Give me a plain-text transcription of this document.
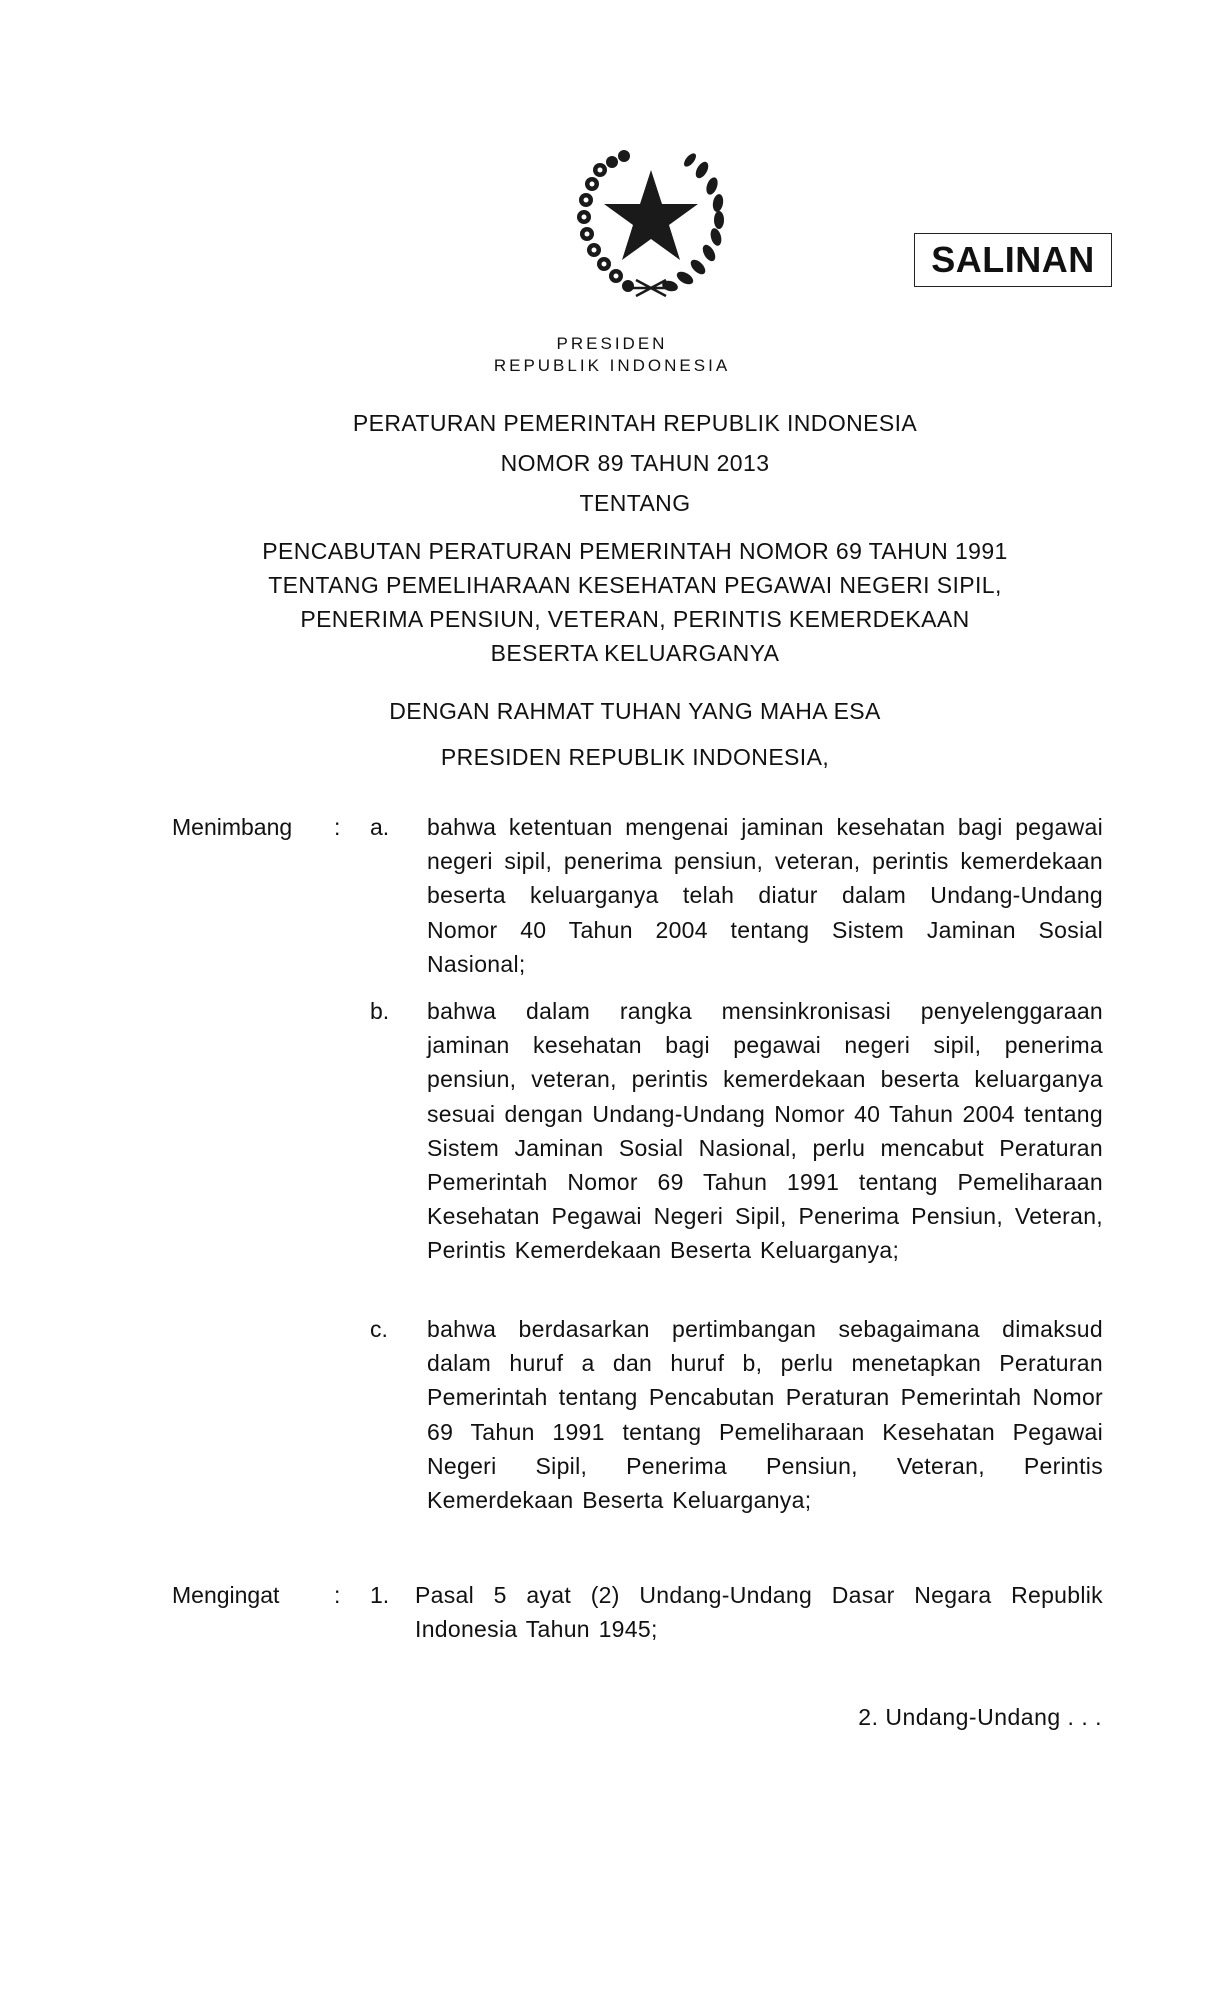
SALINAN
PRESIDEN
REPUBLIK INDONESIA
PERATURAN PEMERINTAH REPUBLIK INDONESIA
NOMOR 89 TAHUN 2013
TENTANG
PENCABUTAN PERATURAN PEMERINTAH NOMOR 69 TAHUN 1991
TENTANG PEMELIHARAAN KESEHATAN PEGAWAI NEGERI SIPIL,
PENERIMA PENSIUN, VETERAN, PERINTIS KEMERDEKAAN
BESERTA KELUARGANYA
DENGAN RAHMAT TUHAN YANG MAHA ESA
PRESIDEN REPUBLIK INDONESIA,
Menimbang : a. bahwa ketentuan mengenai jaminan kesehatan bagi pegawai negeri sipil, penerima pensiun, veteran, perintis kemerdekaan beserta keluarganya telah diatur dalam Undang-Undang Nomor 40 Tahun 2004 tentang Sistem Jaminan Sosial Nasional;
b. bahwa dalam rangka mensinkronisasi penyelenggaraan jaminan kesehatan bagi pegawai negeri sipil, penerima pensiun, veteran, perintis kemerdekaan beserta keluarganya sesuai dengan Undang-Undang Nomor 40 Tahun 2004 tentang Sistem Jaminan Sosial Nasional, perlu mencabut Peraturan Pemerintah Nomor 69 Tahun 1991 tentang Pemeliharaan Kesehatan Pegawai Negeri Sipil, Penerima Pensiun, Veteran, Perintis Kemerdekaan Beserta Keluarganya;
c. bahwa berdasarkan pertimbangan sebagaimana dimaksud dalam huruf a dan huruf b, perlu menetapkan Peraturan Pemerintah tentang Pencabutan Peraturan Pemerintah Nomor 69 Tahun 1991 tentang Pemeliharaan Kesehatan Pegawai Negeri Sipil, Penerima Pensiun, Veteran, Perintis Kemerdekaan Beserta Keluarganya;
Mengingat : 1. Pasal 5 ayat (2) Undang-Undang Dasar Negara Republik Indonesia Tahun 1945;
2. Undang-Undang . . .
